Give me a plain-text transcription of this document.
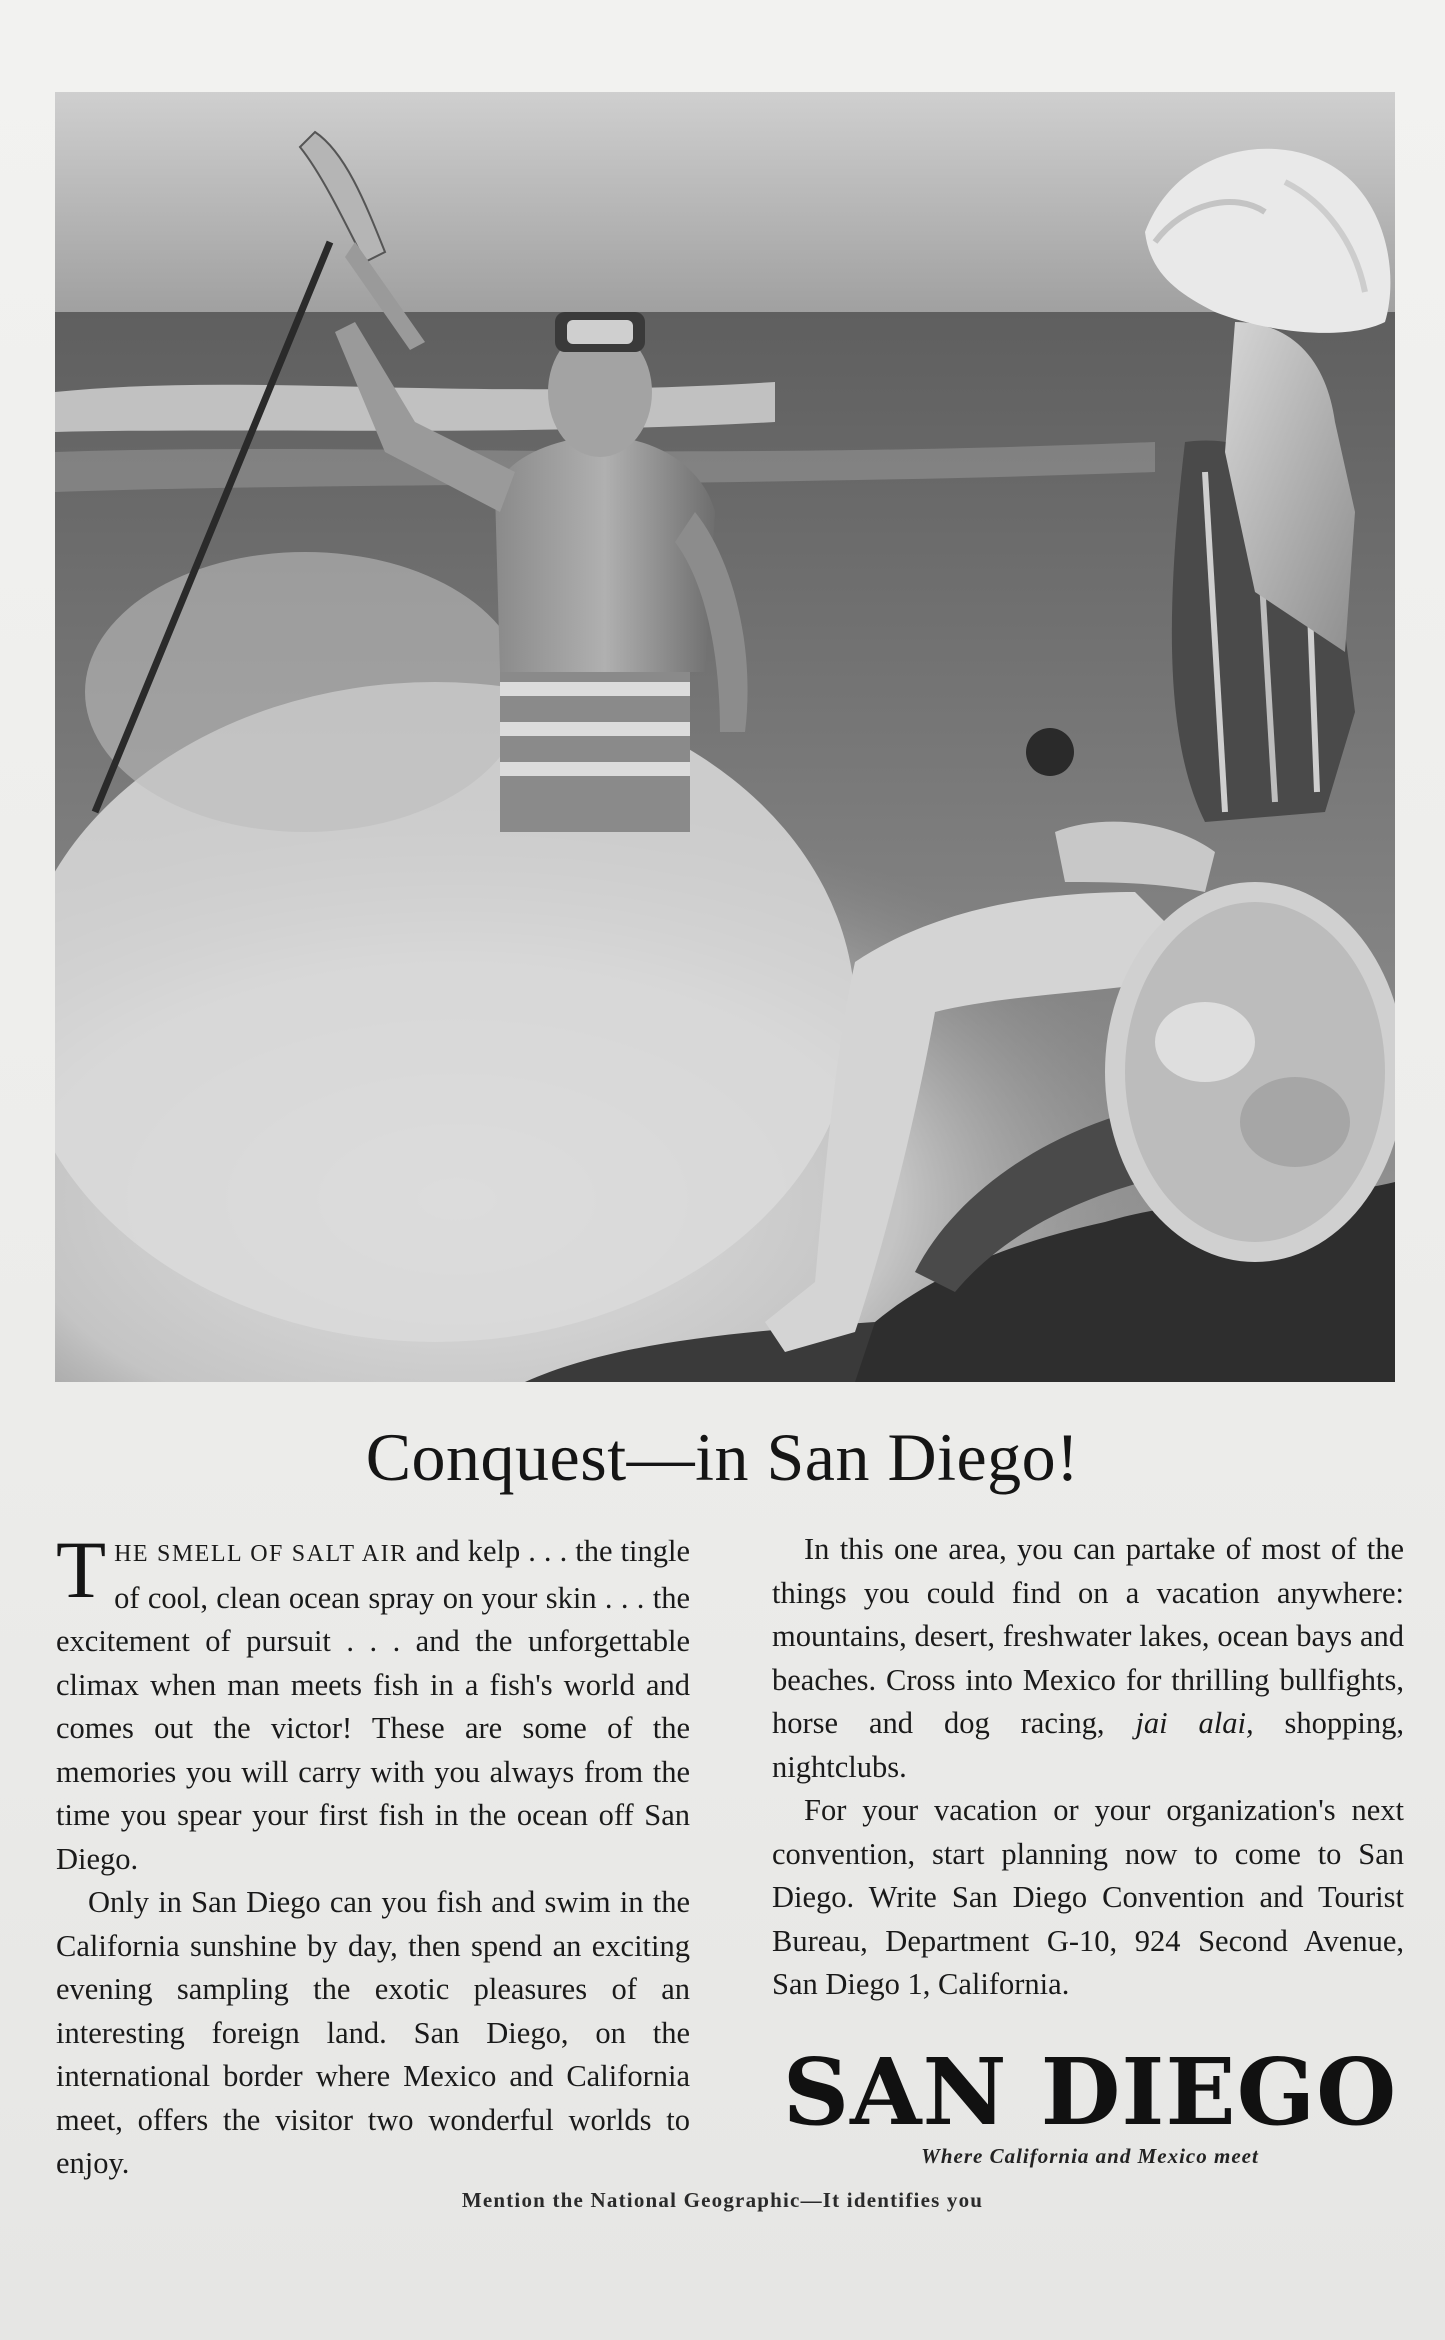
Conquest—in San Diego!

THE SMELL OF SALT AIR and kelp . . . the tingle of cool, clean ocean spray on your skin . . . the excitement of pursuit . . . and the unforgettable climax when man meets fish in a fish's world and comes out the victor! These are some of the memories you will carry with you always from the time you spear your first fish in the ocean off San Diego.

Only in San Diego can you fish and swim in the California sunshine by day, then spend an exciting evening sampling the exotic pleasures of an interesting foreign land. San Diego, on the international border where Mexico and California meet, offers the visitor two wonderful worlds to enjoy.

In this one area, you can partake of most of the things you could find on a vacation anywhere: mountains, desert, freshwater lakes, ocean bays and beaches. Cross into Mexico for thrilling bullfights, horse and dog racing, jai alai, shopping, nightclubs.

For your vacation or your organization's next convention, start planning now to come to San Diego. Write San Diego Convention and Tourist Bureau, Department G-10, 924 Second Avenue, San Diego 1, California.

SAN DIEGO
Where California and Mexico meet
Mention the National Geographic—It identifies you
